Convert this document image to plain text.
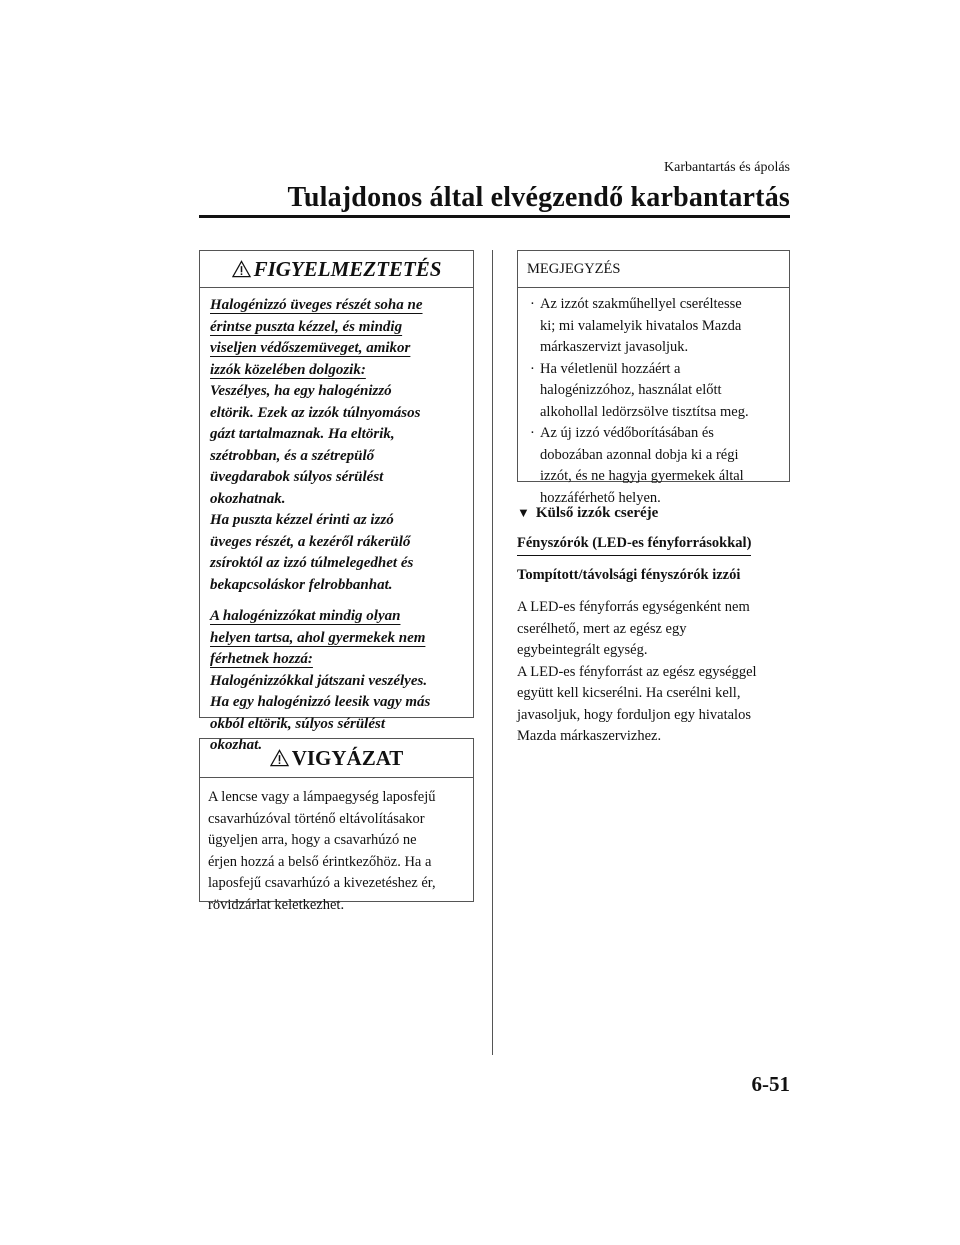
Karbantartás és ápolás
Tulajdonos által elvégzendő karbantartás
FIGYELMEZTETÉS

Halogénizzó üveges részét soha ne

érintse puszta kézzel, és mindig

viseljen védőszemüveget, amikor

izzók közelében dolgozik:

Veszélyes, ha egy halogénizzó

eltörik. Ezek az izzók túlnyomásos

gázt tartalmaznak. Ha eltörik,

szétrobban, és a szétrepülő

üvegdarabok súlyos sérülést

okozhatnak.

Ha puszta kézzel érinti az izzó

üveges részét, a kezéről rákerülő

zsíroktól az izzó túlmelegedhet és

bekapcsoláskor felrobbanhat.

A halogénizzókat mindig olyan

helyen tartsa, ahol gyermekek nem

férhetnek hozzá:

Halogénizzókkal játszani veszélyes.

Ha egy halogénizzó leesik vagy más

okból eltörik, súlyos sérülést

okozhat.

VIGYÁZAT
A lencse vagy a lámpaegység laposfejű
csavarhúzóval történő eltávolításakor
ügyeljen arra, hogy a csavarhúzó ne
érjen hozzá a belső érintkezőhöz. Ha a
laposfejű csavarhúzó a kivezetéshez ér,
rövidzárlat keletkezhet.
MEGJEGYZÉS
· Az izzót szakműhellyel cseréltesse
ki; mi valamelyik hivatalos Mazda
márkaszervizt javasoljuk.
· Ha véletlenül hozzáért a
halogénizzóhoz, használat előtt
alkohollal ledörzsölve tisztítsa meg.
· Az új izzó védőborításában és
dobozában azonnal dobja ki a régi
izzót, és ne hagyja gyermekek által
hozzáférhető helyen.
▼ Külső izzók cseréje
Fényszórók (LED-es fényforrásokkal)
Tompított/távolsági fényszórók izzói

A LED-es fényforrás egységenként nem

cserélhető, mert az egész egy

egybeintegrált egység.

A LED-es fényforrást az egész egységgel

együtt kell kicserélni. Ha cserélni kell,

javasoljuk, hogy forduljon egy hivatalos

Mazda márkaszervizhez.

6-51
